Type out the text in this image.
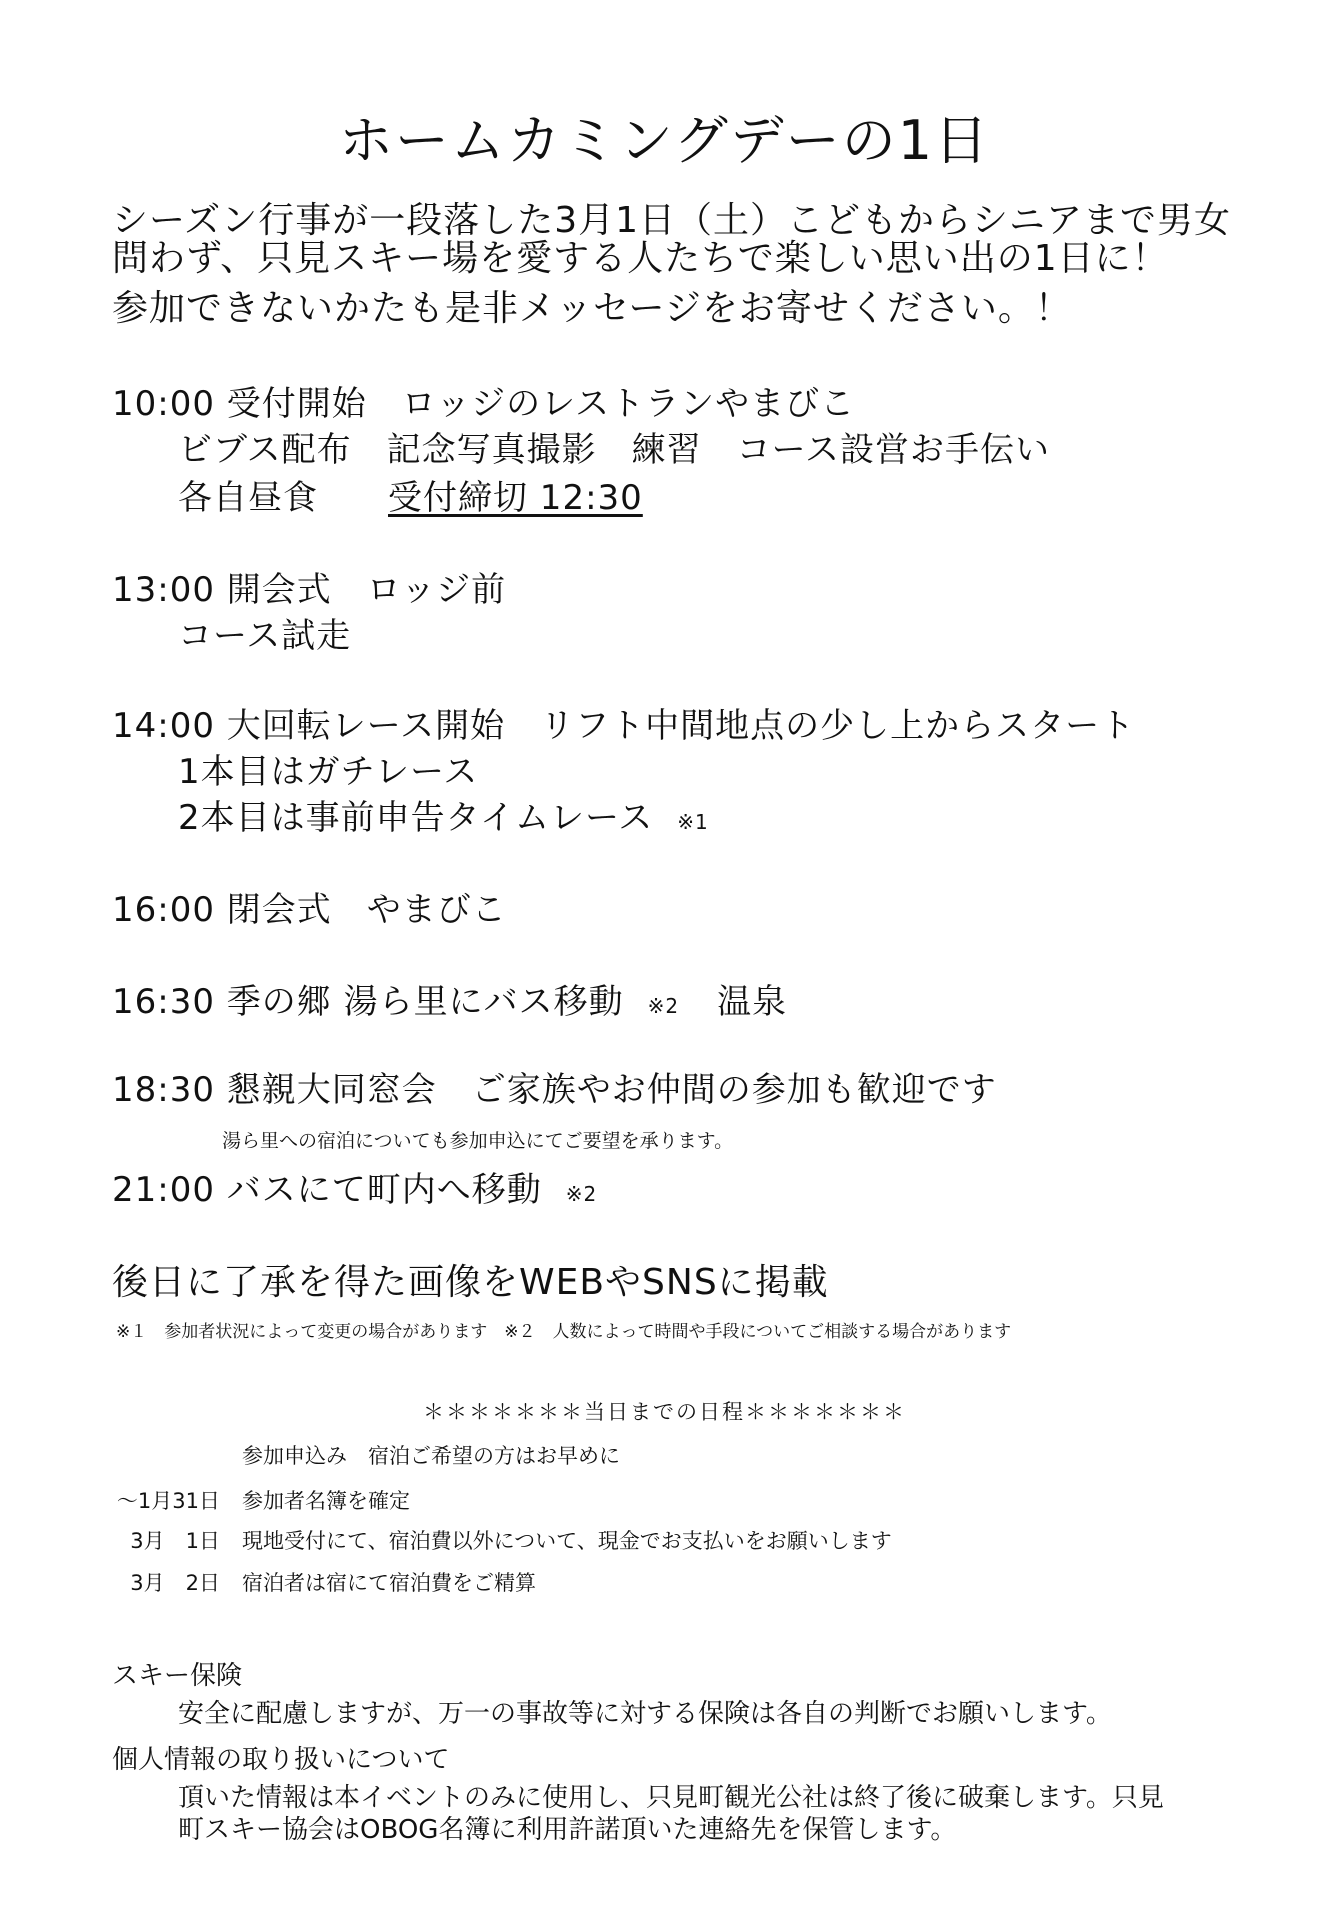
ホームカミングデーの1日
シーズン行事が一段落した3月1日（土）こどもからシニアまで男女
問わず、只見スキー場を愛する人たちで楽しい思い出の1日に！
参加できないかたも是非メッセージをお寄せください。！
10:00 受付開始　ロッジのレストランやまびこ
ビブス配布　記念写真撮影　練習　コース設営お手伝い
各自昼食　　受付締切 12:30
13:00 開会式　ロッジ前
コース試走
14:00 大回転レース開始　リフト中間地点の少し上からスタート
1本目はガチレース
2本目は事前申告タイムレース ※1
16:00 閉会式　やまびこ
16:30 季の郷 湯ら里にバス移動 ※2 温泉
18:30 懇親大同窓会　ご家族やお仲間の参加も歓迎です
湯ら里への宿泊についても参加申込にてご要望を承ります。
21:00 バスにて町内へ移動 ※2
後日に了承を得た画像をWEBやSNSに掲載
※１　参加者状況によって変更の場合があります　※２　人数によって時間や手段についてご相談する場合があります
＊＊＊＊＊＊＊当日までの日程＊＊＊＊＊＊＊
参加申込み　宿泊ご希望の方はお早めに
〜1月31日 参加者名簿を確定
3月　1日 現地受付にて、宿泊費以外について、現金でお支払いをお願いします
3月　2日 宿泊者は宿にて宿泊費をご精算
スキー保険
安全に配慮しますが、万一の事故等に対する保険は各自の判断でお願いします。
個人情報の取り扱いについて
頂いた情報は本イベントのみに使用し、只見町観光公社は終了後に破棄します。只見
町スキー協会はOBOG名簿に利用許諾頂いた連絡先を保管します。
